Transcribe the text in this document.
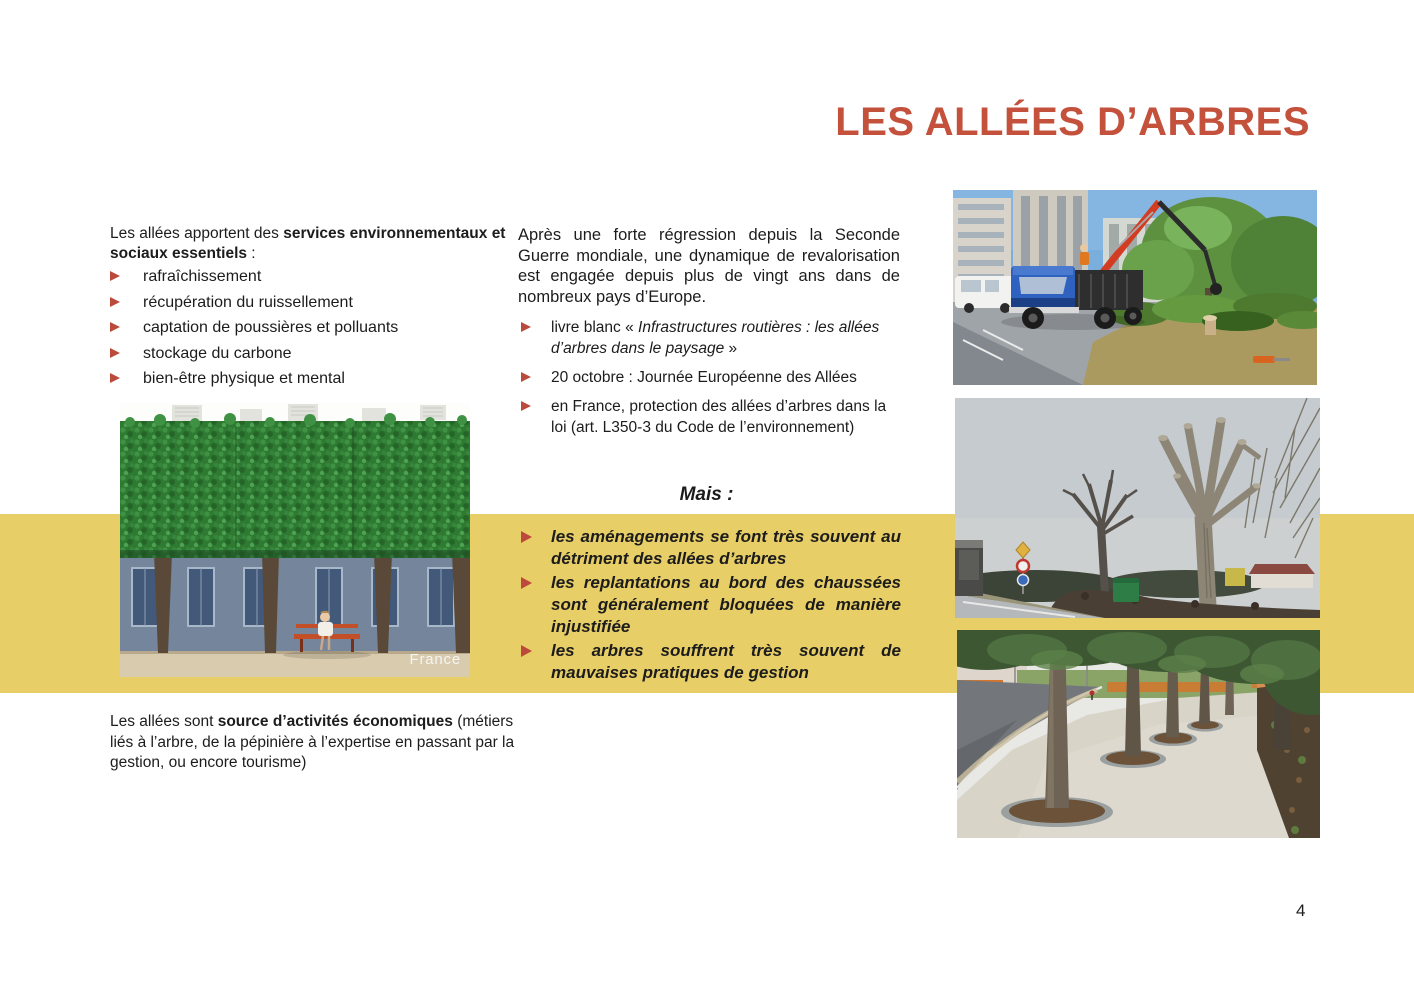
LES ALLÉES D’ARBRES

Les allées apportent des services environnementaux et sociaux essentiels :

rafraîchissement
récupération du ruissellement
captation de poussières et polluants
stockage du carbone
bien-être physique et mental
France

Les allées sont source d’activités économiques (métiers liés à l’arbre, de la pépinière à l’expertise en passant par la gestion, ou encore tourisme)

Après une forte régression depuis la Seconde Guerre mondiale, une dynamique de revalorisation est engagée depuis plus de vingt ans dans de nombreux pays d’Europe.

livre blanc « Infrastructures routières : les allées d’arbres dans le paysage »
20 octobre : Journée Européenne des Allées
en France, protection des allées d’arbres dans la loi (art. L350-3 du Code de l’environnement)

Mais :

les aménagements se font très souvent au détriment des allées d’arbres
les replantations au bord des chaussées sont généralement bloquées de manière injustifiée
les arbres souffrent très souvent de mauvaises pratiques de gestion
4
